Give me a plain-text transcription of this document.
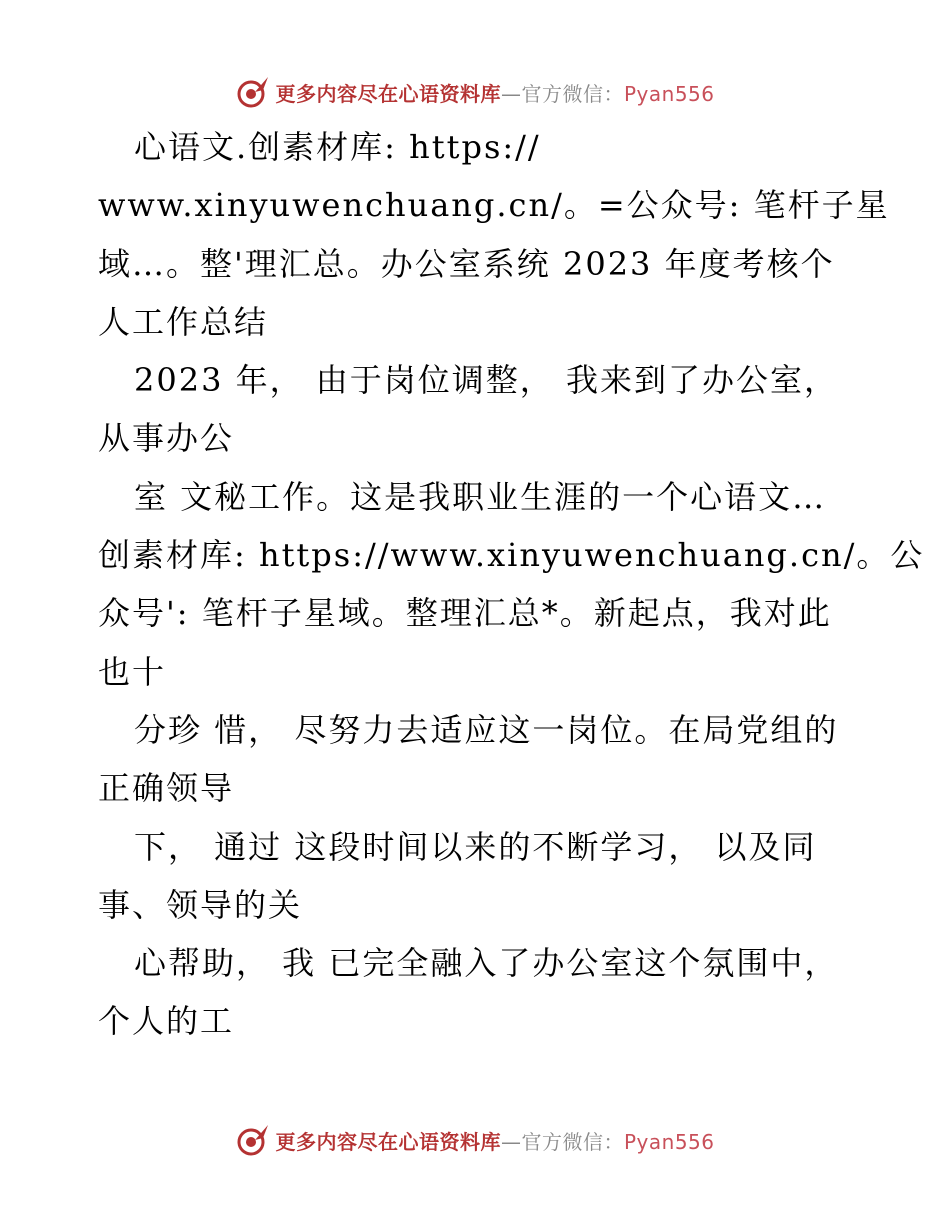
更多内容尽在心语资料库—官方微信：Pyan556
心语文.创素材库: https://
www.xinyuwenchuang.cn/。=公众号: 笔杆子星
域…。整'理汇总。办公室系统 2023 年度考核个
人工作总结
2023 年， 由于岗位调整， 我来到了办公室，
从事办公
室 文秘工作。这是我职业生涯的一个心语文…
创素材库: https://www.xinyuwenchuang.cn/。公
众号': 笔杆子星域。整理汇总*。新起点，我对此
也十
分珍 惜， 尽努力去适应这一岗位。在局党组的
正确领导
下， 通过 这段时间以来的不断学习， 以及同
事、领导的关
心帮助， 我 已完全融入了办公室这个氛围中，
个人的工
更多内容尽在心语资料库—官方微信：Pyan556
